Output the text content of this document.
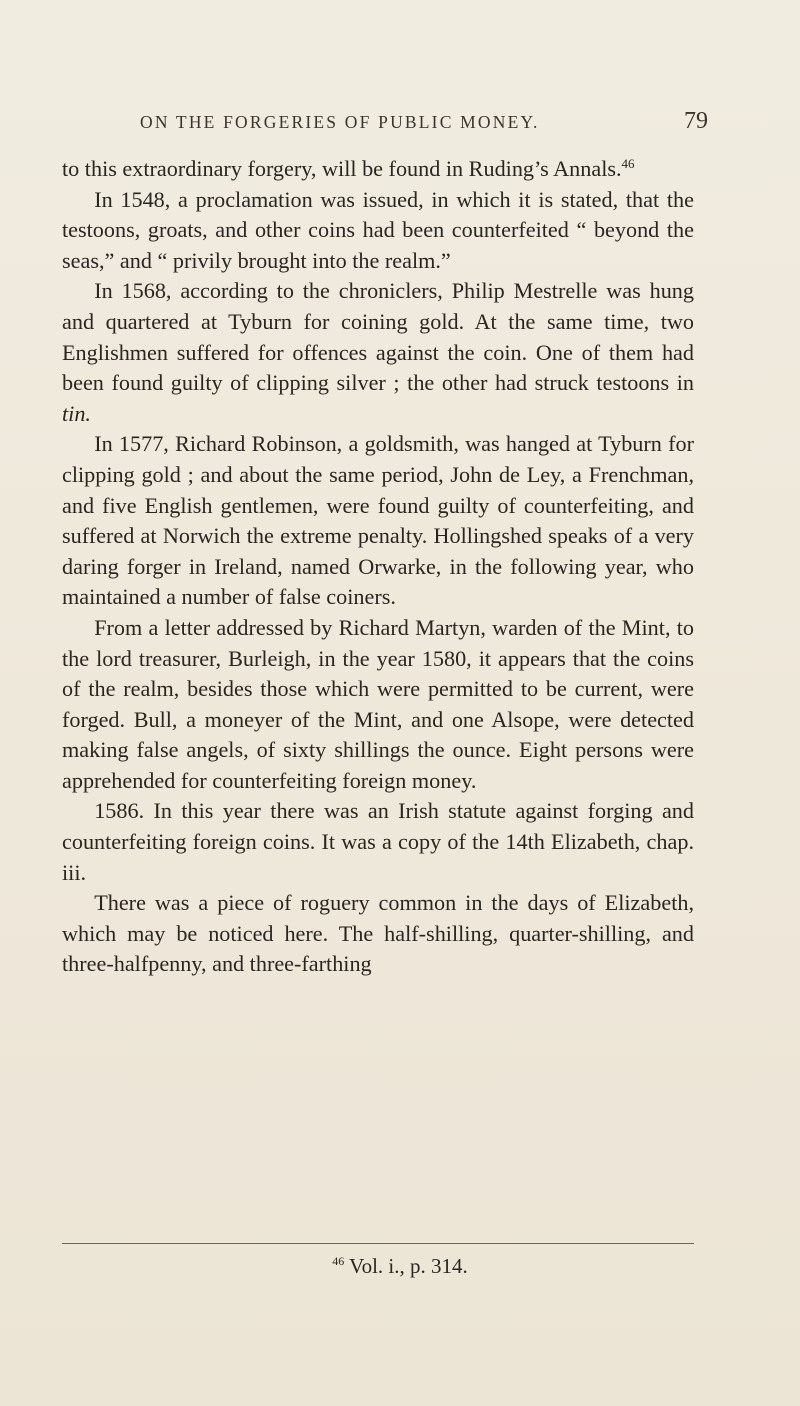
ON THE FORGERIES OF PUBLIC MONEY.	79

to this extraordinary forgery, will be found in Ruding’s Annals.$^{46}$

In 1548, a proclamation was issued, in which it is stated, that the testoons, groats, and other coins had been counterfeited “ beyond the seas,” and “ privily brought into the realm.”

In 1568, according to the chroniclers, Philip Mestrelle was hung and quartered at Tyburn for coining gold. At the same time, two Englishmen suffered for offences against the coin. One of them had been found guilty of clipping silver ; the other had struck testoons in tin.

In 1577, Richard Robinson, a goldsmith, was hanged at Tyburn for clipping gold ; and about the same period, John de Ley, a Frenchman, and five English gentlemen, were found guilty of counterfeiting, and suffered at Norwich the extreme penalty. Hollingshed speaks of a very daring forger in Ireland, named Orwarke, in the following year, who maintained a number of false coiners.

From a letter addressed by Richard Martyn, warden of the Mint, to the lord treasurer, Burleigh, in the year 1580, it appears that the coins of the realm, besides those which were permitted to be current, were forged. Bull, a moneyer of the Mint, and one Alsope, were detected making false angels, of sixty shillings the ounce. Eight persons were apprehended for counterfeiting foreign money.

1586. In this year there was an Irish statute against forging and counterfeiting foreign coins. It was a copy of the 14th Elizabeth, chap. iii.

There was a piece of roguery common in the days of Elizabeth, which may be noticed here. The half-shilling, quarter-shilling, and three-halfpenny, and three-farthing

$^{46}$ Vol. i., p. 314.
